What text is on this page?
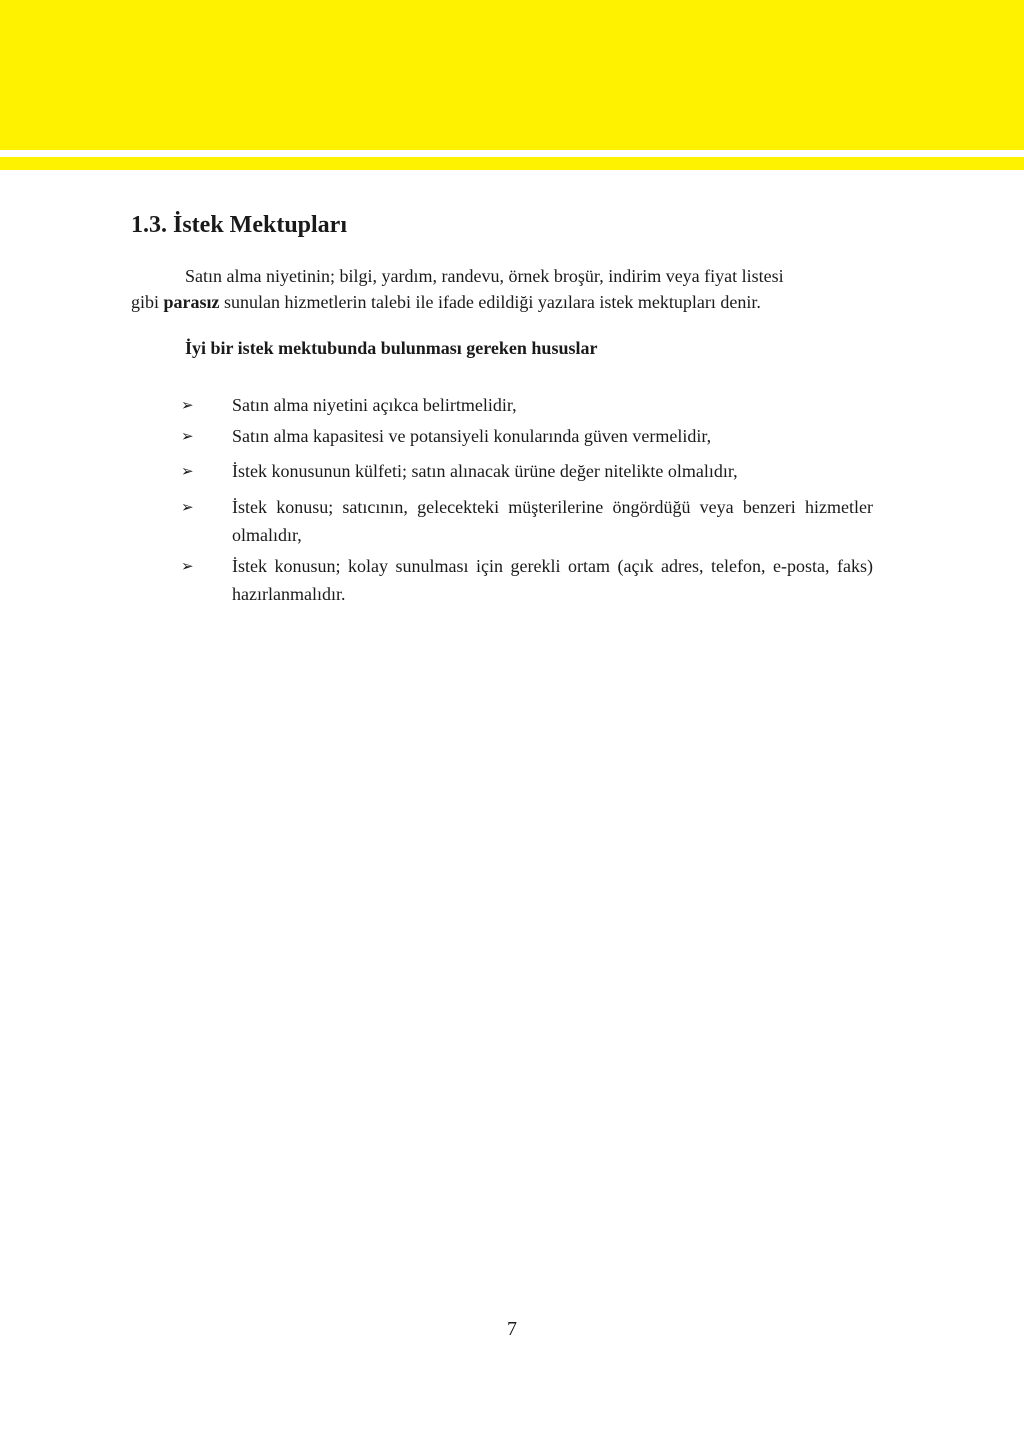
1.3. İstek Mektupları

Satın alma niyetinin; bilgi, yardım, randevu, örnek broşür, indirim veya fiyat listesi
gibi parasız sunulan hizmetlerin talebi ile ifade edildiği yazılara istek mektupları denir.

İyi bir istek mektubunda bulunması gereken hususlar

➢	Satın alma niyetini açıkca belirtmelidir,
➢	Satın alma kapasitesi ve potansiyeli konularında güven vermelidir,
➢	İstek konusunun külfeti; satın alınacak ürüne değer nitelikte olmalıdır,
➢	İstek konusu; satıcının, gelecekteki müşterilerine öngördüğü veya benzeri hizmetler olmalıdır,
➢	İstek konusun; kolay sunulması için gerekli ortam (açık adres, telefon, e-posta, faks) hazırlanmalıdır.
7
